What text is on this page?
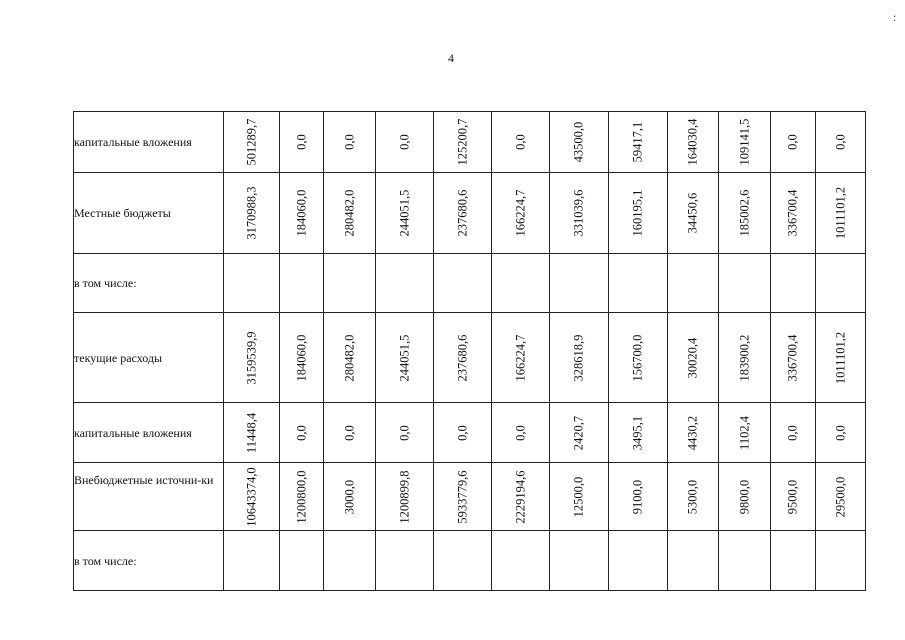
4
:
капитальные вложения	501289,7	0,0	0,0	0,0	125200,7	0,0	43500,0	59417,1	164030,4	109141,5	0,0	0,0

Местные бюджеты	3170988,3	184060,0	280482,0	244051,5	237680,6	166224,7	331039,6	160195,1	34450,6	185002,6	336700,4	1011101,2

в том числе:	

текущие расходы	3159539,9	184060,0	280482,0	244051,5	237680,6	166224,7	328618,9	156700,0	30020,4	183900,2	336700,4	1011101,2

капитальные вложения	11448,4	0,0	0,0	0,0	0,0	0,0	2420,7	3495,1	4430,2	1102,4	0,0	0,0

Внебюджетные источни-ки	10643374,0	1200800,0	3000,0	1200899,8	5933779,6	2229194,6	12500,0	9100,0	5300,0	9800,0	9500,0	29500,0

в том числе:	
